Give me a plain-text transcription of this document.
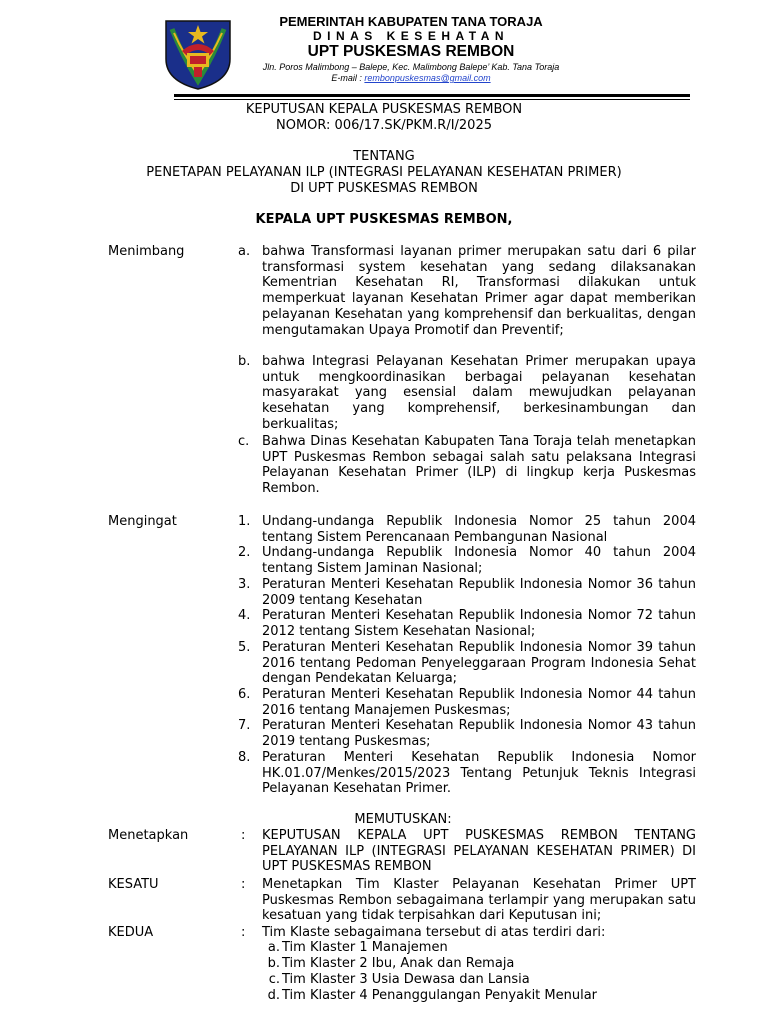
PEMERINTAH KABUPATEN TANA TORAJA
DINAS KESEHATAN
UPT PUSKESMAS REMBON
Jln. Poros Malimbong – Balepe, Kec. Malimbong Balepe’ Kab. Tana Toraja
E-mail : rembonpuskesmas@gmail.com
KEPUTUSAN KEPALA PUSKESMAS REMBON
NOMOR: 006/17.SK/PKM.R/I/2025
TENTANG
PENETAPAN PELAYANAN ILP (INTEGRASI PELAYANAN KESEHATAN PRIMER)
DI UPT PUSKESMAS REMBON
KEPALA UPT PUSKESMAS REMBON,
Menimbang	a. bahwa Transformasi layanan primer merupakan satu dari 6 pilar transformasi system kesehatan yang sedang dilaksanakan Kementrian Kesehatan RI, Transformasi dilakukan untuk memperkuat layanan Kesehatan Primer agar dapat memberikan pelayanan Kesehatan yang komprehensif dan berkualitas, dengan mengutamakan Upaya Promotif dan Preventif;
b. bahwa Integrasi Pelayanan Kesehatan Primer merupakan upaya untuk mengkoordinasikan berbagai pelayanan kesehatan masyarakat yang esensial dalam mewujudkan pelayanan kesehatan yang komprehensif, berkesinambungan dan berkualitas;
c. Bahwa Dinas Kesehatan Kabupaten Tana Toraja telah menetapkan UPT Puskesmas Rembon sebagai salah satu pelaksana Integrasi Pelayanan Kesehatan Primer (ILP) di lingkup kerja Puskesmas Rembon.
Mengingat	1. Undang-undanga Republik Indonesia Nomor 25 tahun 2004 tentang Sistem Perencanaan Pembangunan Nasional
2. Undang-undanga Republik Indonesia Nomor 40 tahun 2004 tentang Sistem Jaminan Nasional;
3. Peraturan Menteri Kesehatan Republik Indonesia Nomor 36 tahun 2009 tentang Kesehatan
4. Peraturan Menteri Kesehatan Republik Indonesia Nomor 72 tahun 2012 tentang Sistem Kesehatan Nasional;
5. Peraturan Menteri Kesehatan Republik Indonesia Nomor 39 tahun 2016 tentang Pedoman Penyeleggaraan Program Indonesia Sehat dengan Pendekatan Keluarga;
6. Peraturan Menteri Kesehatan Republik Indonesia Nomor 44 tahun 2016 tentang Manajemen Puskesmas;
7. Peraturan Menteri Kesehatan Republik Indonesia Nomor 43 tahun 2019 tentang Puskesmas;
8. Peraturan Menteri Kesehatan Republik Indonesia Nomor HK.01.07/Menkes/2015/2023 Tentang Petunjuk Teknis Integrasi Pelayanan Kesehatan Primer.
MEMUTUSKAN:
Menetapkan	: KEPUTUSAN KEPALA UPT PUSKESMAS REMBON TENTANG PELAYANAN ILP (INTEGRASI PELAYANAN KESEHATAN PRIMER) DI UPT PUSKESMAS REMBON
KESATU	: Menetapkan Tim Klaster Pelayanan Kesehatan Primer UPT Puskesmas Rembon sebagaimana terlampir yang merupakan satu kesatuan yang tidak terpisahkan dari Keputusan ini;
KEDUA	: Tim Klaste sebagaimana tersebut di atas terdiri dari:
a. Tim Klaster 1 Manajemen
b. Tim Klaster 2 Ibu, Anak dan Remaja
c. Tim Klaster 3 Usia Dewasa dan Lansia
d. Tim Klaster 4 Penanggulangan Penyakit Menular
